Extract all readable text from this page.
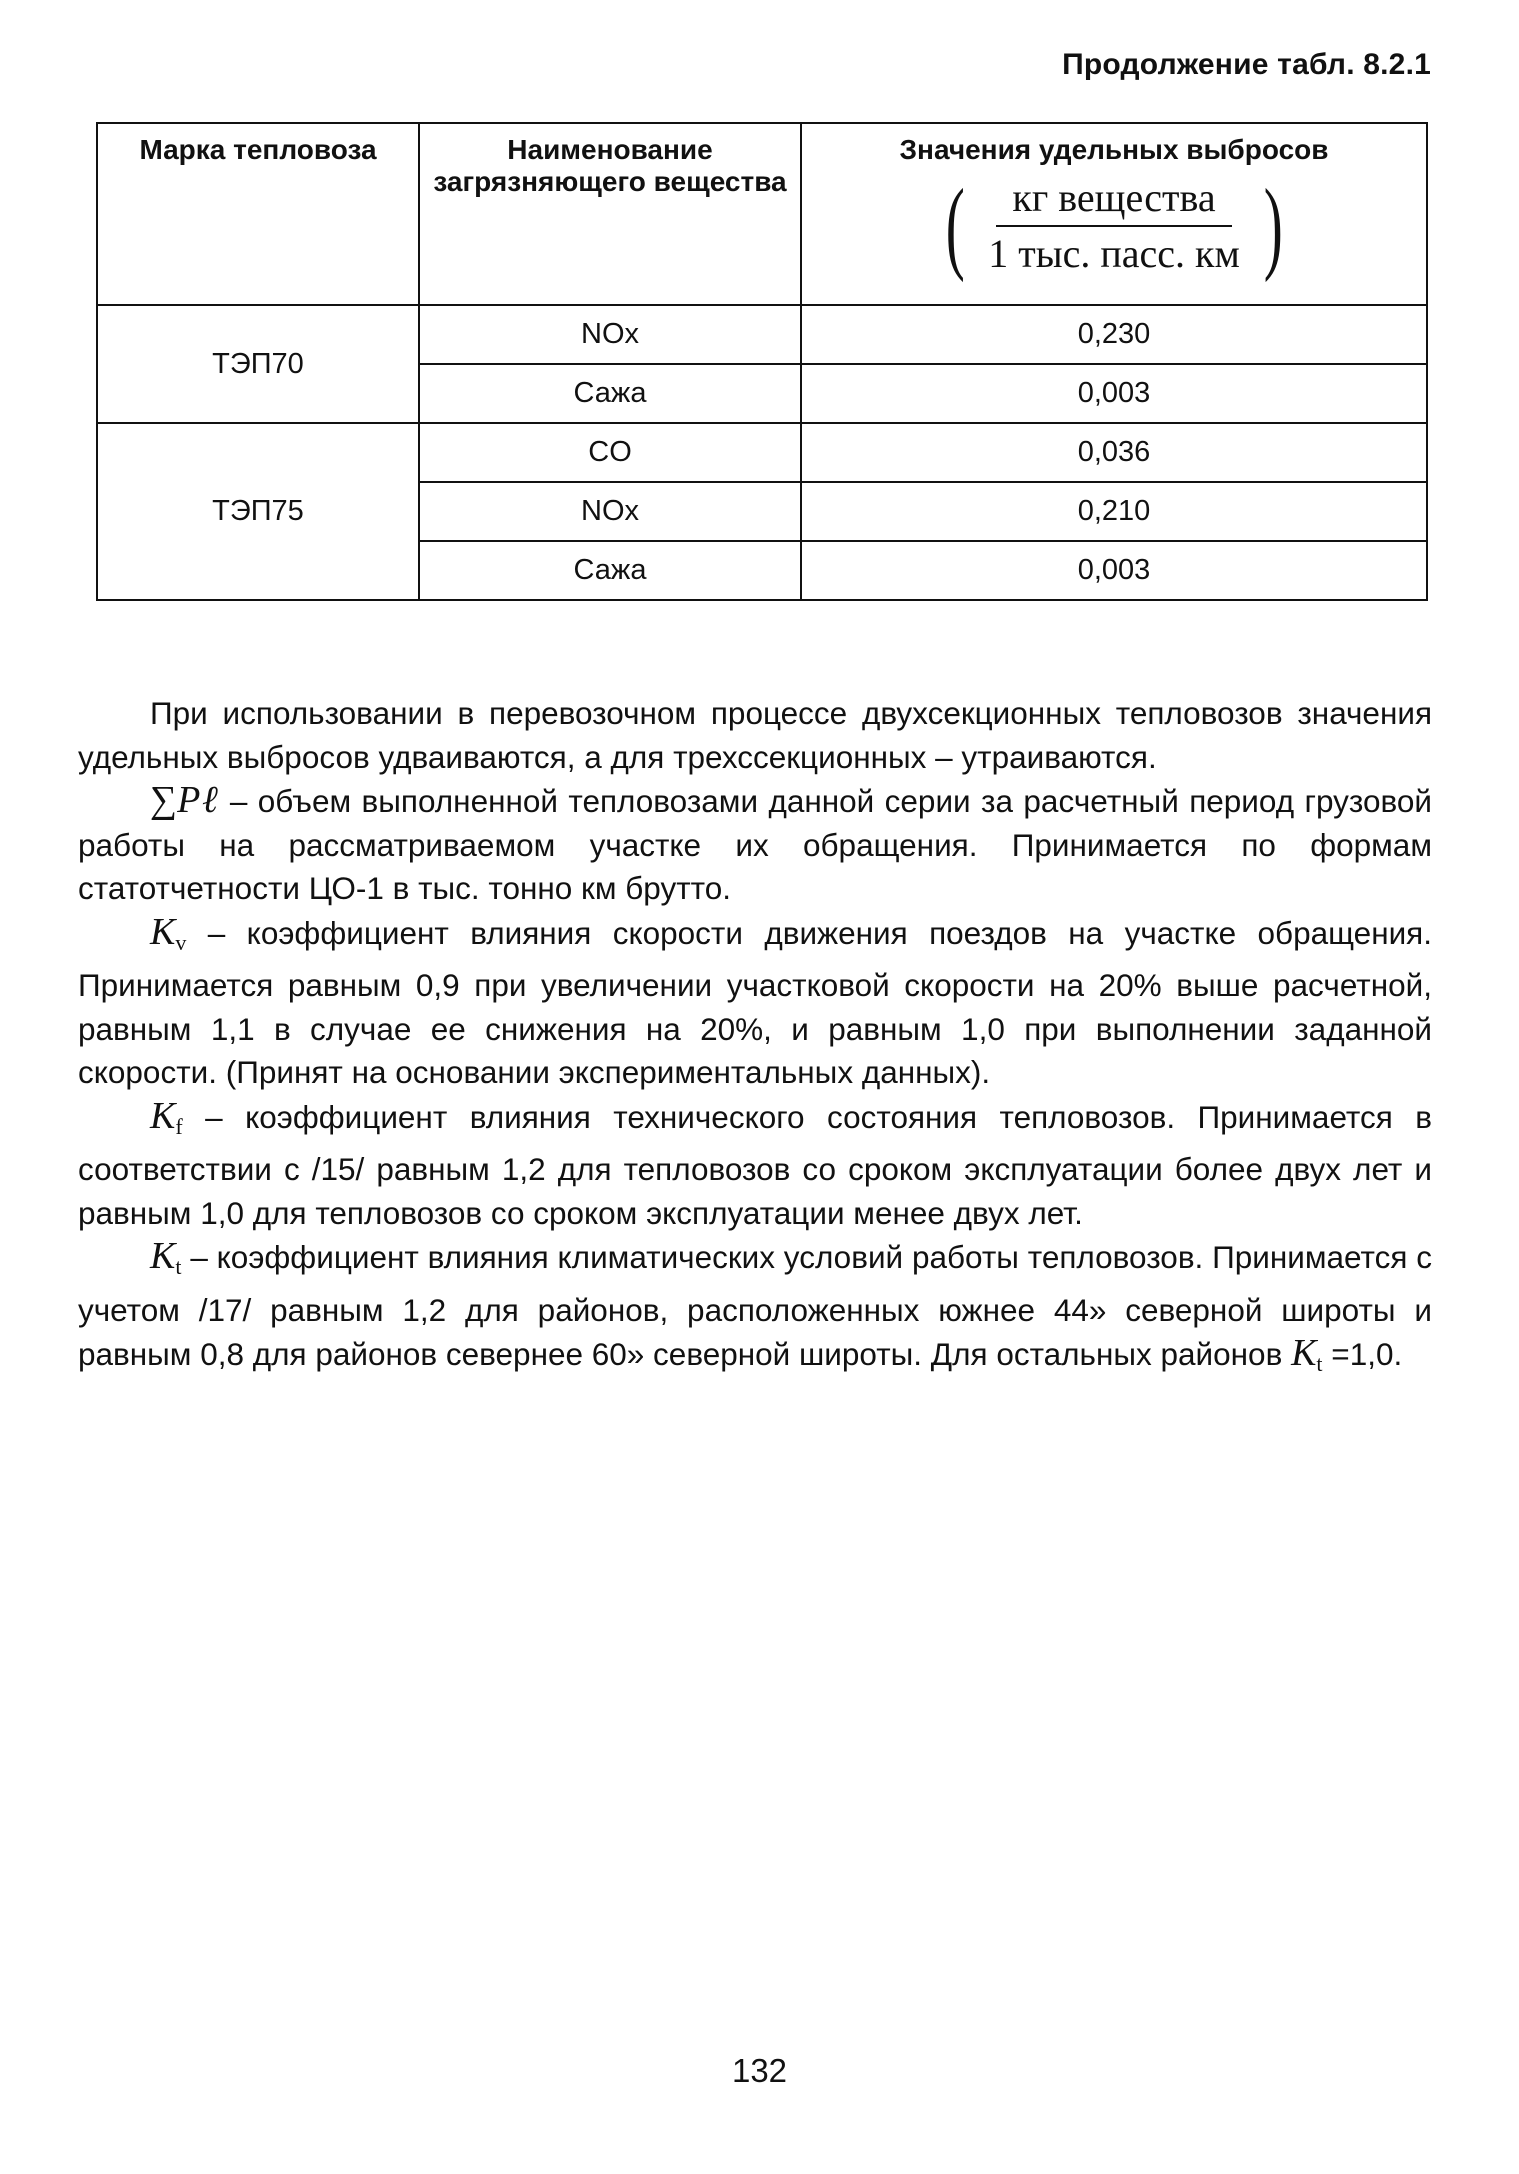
Продолжение табл. 8.2.1
Марка тепловоза	Наименование загрязняющего вещества	Значения удельных выбросов
( $\frac{\text{кг вещества}}{\text{1 тыс. пасс. км}}$ )

ТЭП70	NOx	0,230
	Сажа	0,003
ТЭП75	CO	0,036
	NOx	0,210
	Сажа	0,003

При использовании в перевозочном процессе двухсекционных тепловозов значения удельных выбросов удваиваются, а для трехссекционных – утраиваются.

∑Pℓ – объем выполненной тепловозами данной серии за расчетный период грузовой работы на рассматриваемом участке их обращения. Принимается по формам статотчетности ЦО-1 в тыс. тонно км брутто.

$K_v$ – коэффициент влияния скорости движения поездов на участке обращения. Принимается равным 0,9 при увеличении участковой скорости на 20% выше расчетной, равным 1,1 в случае ее снижения на 20%, и равным 1,0 при выполнении заданной скорости. (Принят на основании экспериментальных данных).

$K_f$ – коэффициент влияния технического состояния тепловозов. Принимается в соответствии с /15/ равным 1,2 для тепловозов со сроком эксплуатации более двух лет и равным 1,0 для тепловозов со сроком эксплуатации менее двух лет.

$K_t$ – коэффициент влияния климатических условий работы тепловозов. Принимается с учетом /17/ равным 1,2 для районов, расположенных южнее 44» северной широты и равным 0,8 для районов севернее 60» северной широты. Для остальных районов $K_t =1,0$.

132
